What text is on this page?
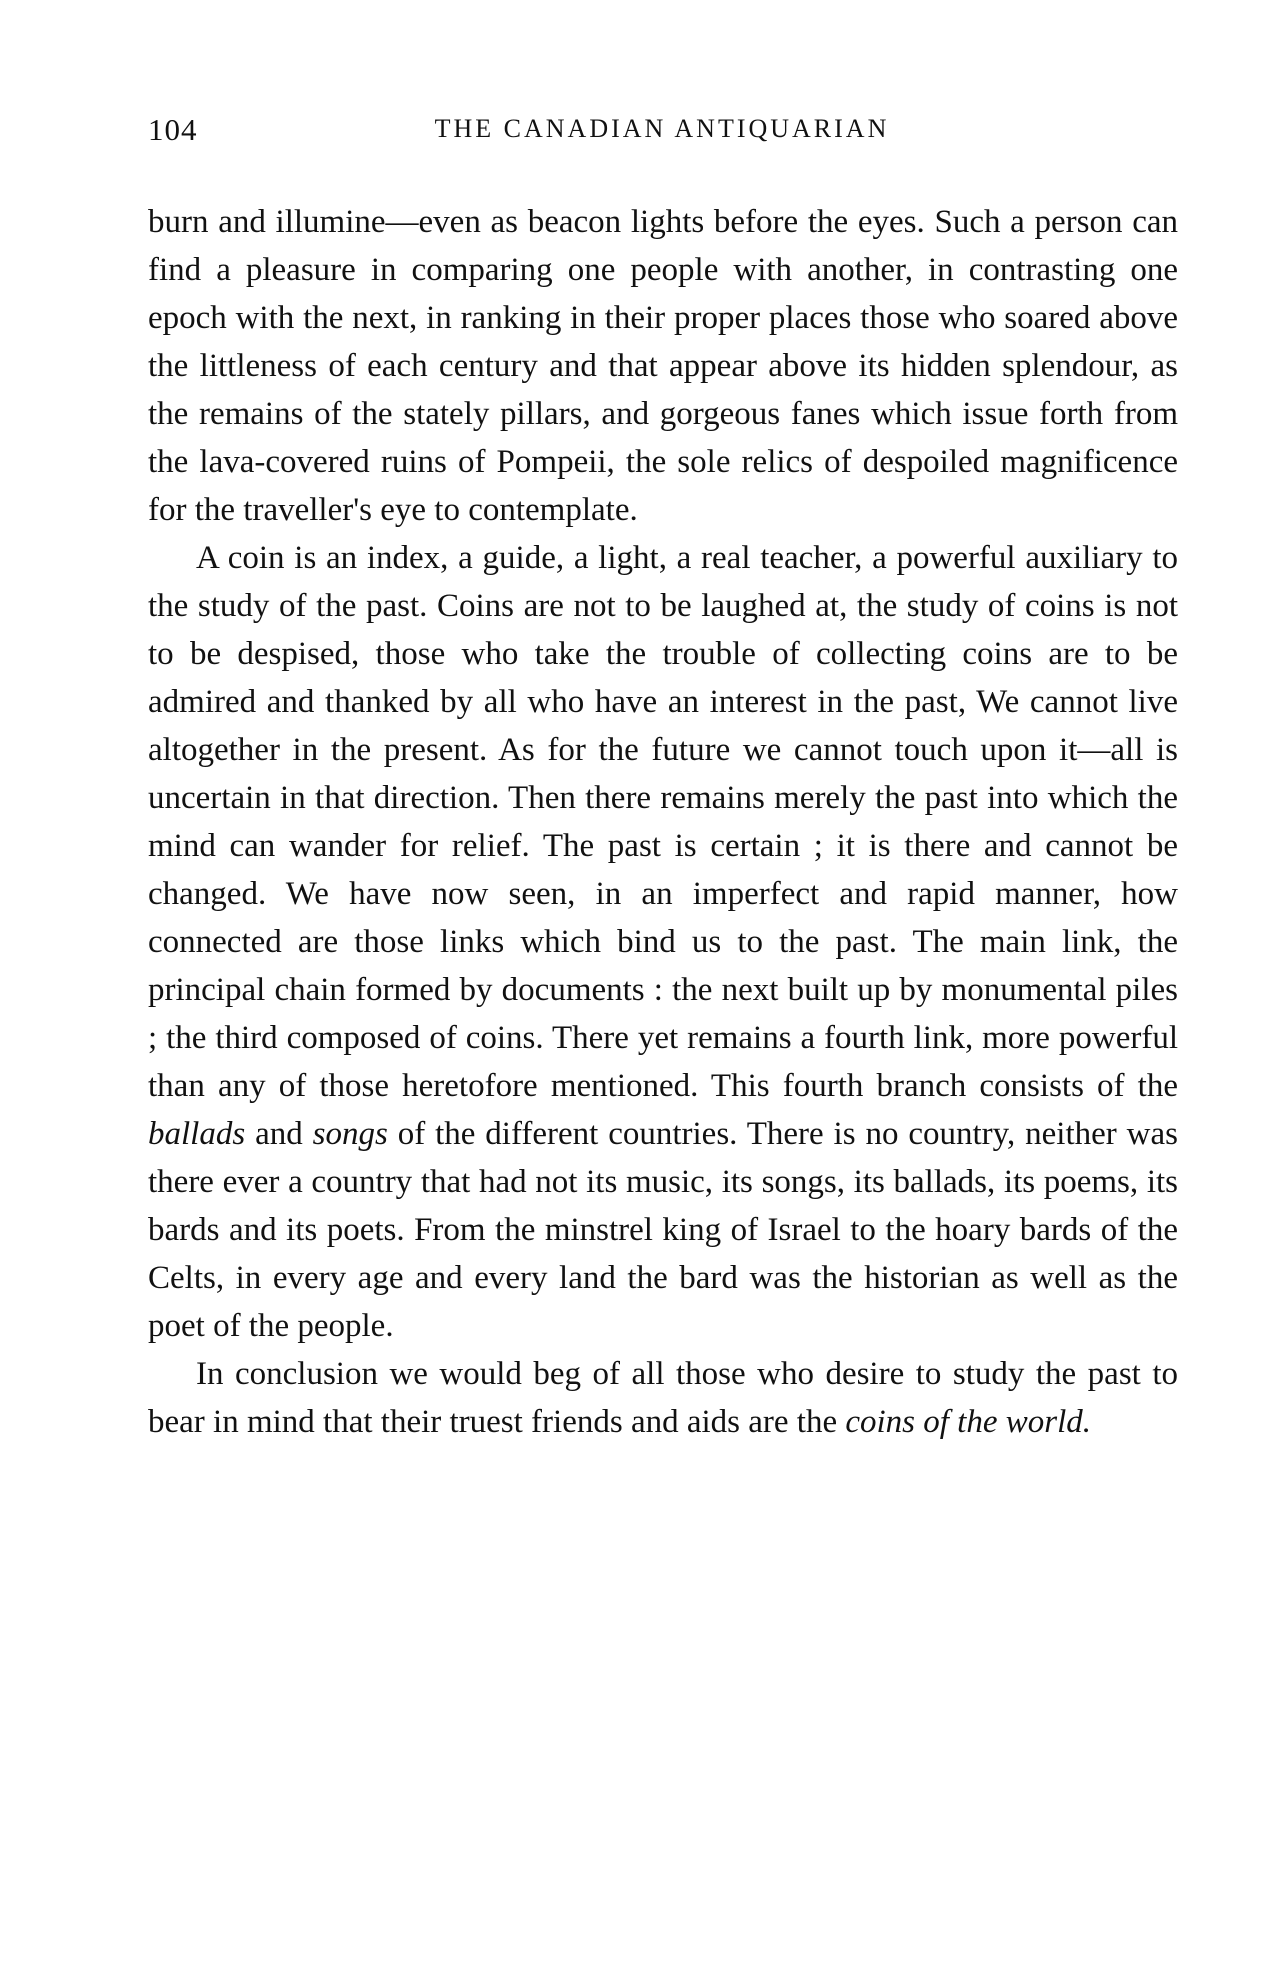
104	THE CANADIAN ANTIQUARIAN

burn and illumine—even as beacon lights before the eyes. Such a person can find a pleasure in comparing one people with another, in contrasting one epoch with the next, in ranking in their proper places those who soared above the littleness of each century and that appear above its hidden splendour, as the remains of the stately pillars, and gorgeous fanes which issue forth from the lava-covered ruins of Pompeii, the sole relics of despoiled magnificence for the traveller's eye to contemplate.

A coin is an index, a guide, a light, a real teacher, a powerful auxiliary to the study of the past. Coins are not to be laughed at, the study of coins is not to be despised, those who take the trouble of collecting coins are to be admired and thanked by all who have an interest in the past, We cannot live altogether in the present. As for the future we cannot touch upon it—all is uncertain in that direction. Then there remains merely the past into which the mind can wander for relief. The past is certain ; it is there and cannot be changed. We have now seen, in an imperfect and rapid manner, how connected are those links which bind us to the past. The main link, the principal chain formed by documents : the next built up by monumental piles ; the third composed of coins. There yet remains a fourth link, more powerful than any of those heretofore mentioned. This fourth branch consists of the ballads and songs of the different countries. There is no country, neither was there ever a country that had not its music, its songs, its ballads, its poems, its bards and its poets. From the minstrel king of Israel to the hoary bards of the Celts, in every age and every land the bard was the historian as well as the poet of the people.

In conclusion we would beg of all those who desire to study the past to bear in mind that their truest friends and aids are the coins of the world.
